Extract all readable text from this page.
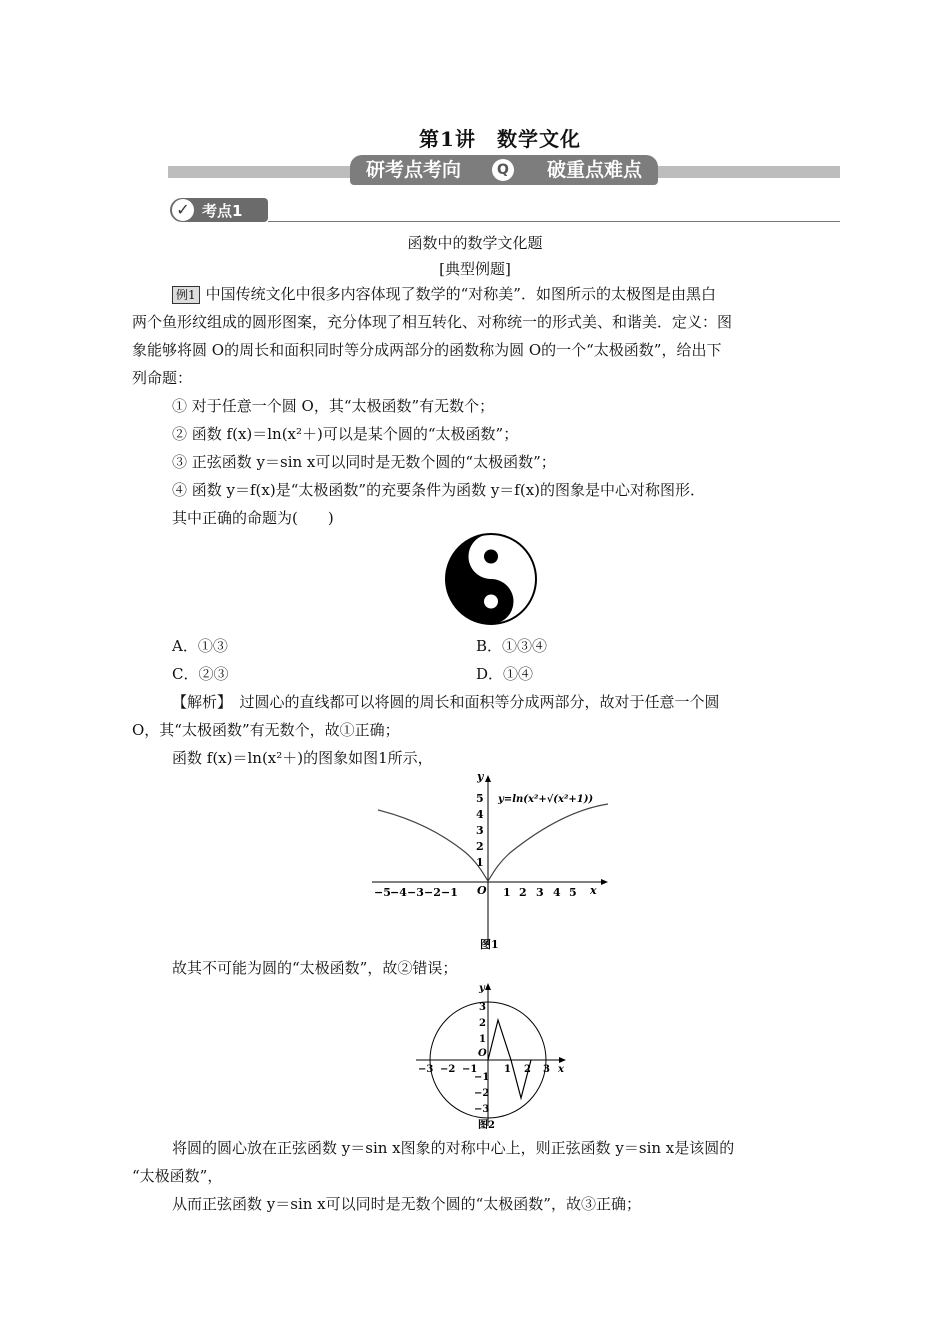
第1讲　数学文化
研考点考向	Q 破重点难点
✓ 考点1
函数中的数学文化题
[典型例题]
例1 中国传统文化中很多内容体现了数学的“对称美”．如图所示的太极图是由黑白
两个鱼形纹组成的圆形图案，充分体现了相互转化、对称统一的形式美、和谐美．定义：图
象能够将圆 O的周长和面积同时等分成两部分的函数称为圆 O的一个“太极函数”，给出下
列命题：
① 对于任意一个圆 O，其“太极函数”有无数个；
② 函数 f(x)＝ln(x²＋)可以是某个圆的“太极函数”；
③ 正弦函数 y＝sin x可以同时是无数个圆的“太极函数”；
④ 函数 y＝f(x)是“太极函数”的充要条件为函数 y＝f(x)的图象是中心对称图形．
其中正确的命题为(　　)
A．①③	B．①③④
C．②③	D．①④
【解析】　过圆心的直线都可以将圆的周长和面积等分成两部分，故对于任意一个圆
O，其“太极函数”有无数个，故①正确；
函数 f(x)＝ln(x²＋)的图象如图1所示，
y
x
O
−5 −4 −3 −2 −1	1 2 3 4 5
1
2
3
4
5 y=ln(x²+√(x²+1))
图1
故其不可能为圆的“太极函数”，故②错误；
y
x
O
−3 −2 −1	1 2 3
3
2
1
−1
−2
−3
图2
将圆的圆心放在正弦函数 y＝sin x图象的对称中心上，则正弦函数 y＝sin x是该圆的
“太极函数”，
从而正弦函数 y＝sin x可以同时是无数个圆的“太极函数”，故③正确；
